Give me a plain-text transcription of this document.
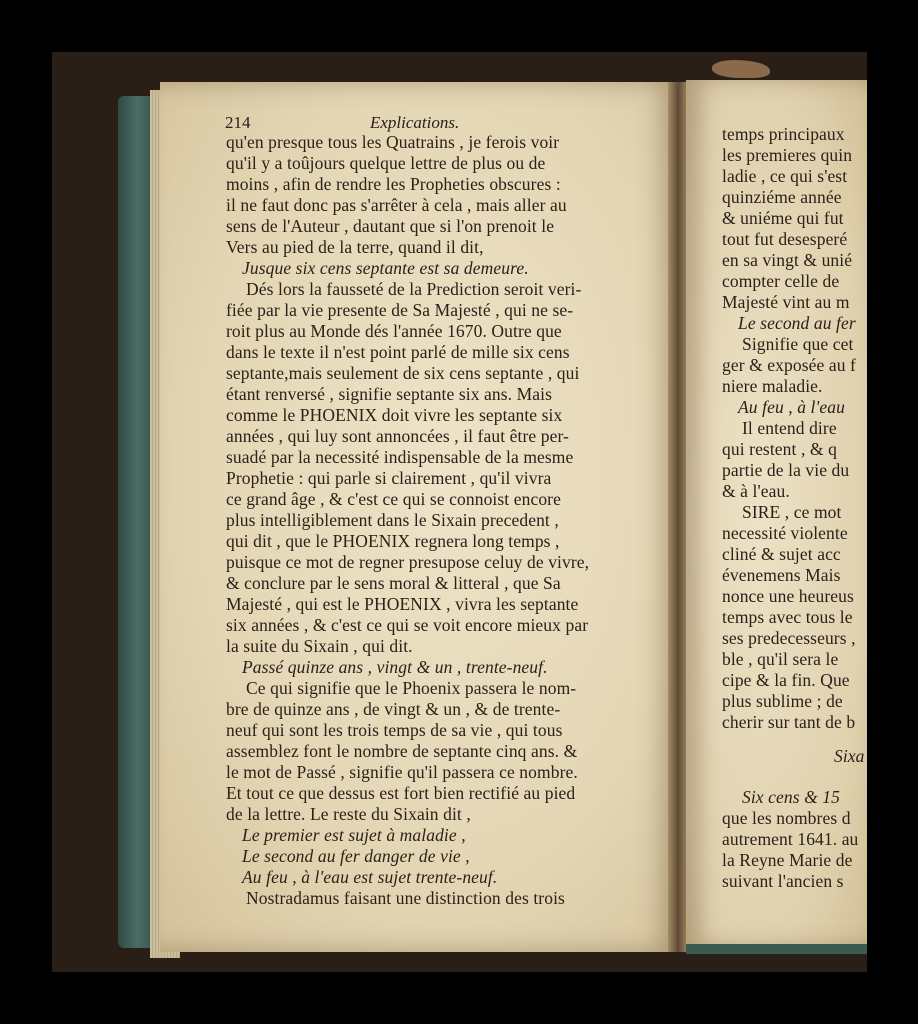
214	Explications.
qu'en presque tous les Quatrains , je ferois voir
qu'il y a toûjours quelque lettre de plus ou de
moins , afin de rendre les Propheties obscures :
il ne faut donc pas s'arrêter à cela , mais aller au
sens de l'Auteur , dautant que si l'on prenoit le
Vers au pied de la terre, quand il dit,
Jusque six cens septante est sa demeure.
Dés lors la fausseté de la Prediction seroit veri-
fiée par la vie presente de Sa Majesté , qui ne se-
roit plus au Monde dés l'année 1670. Outre que
dans le texte il n'est point parlé de mille six cens
septante,mais seulement de six cens septante , qui
étant renversé , signifie septante six ans. Mais
comme le PHOENIX doit vivre les septante six
années , qui luy sont annoncées , il faut être per-
suadé par la necessité indispensable de la mesme
Prophetie : qui parle si clairement , qu'il vivra
ce grand âge , & c'est ce qui se connoist encore
plus intelligiblement dans le Sixain precedent ,
qui dit , que le PHOENIX regnera long temps ,
puisque ce mot de regner presupose celuy de vivre,
& conclure par le sens moral & litteral , que Sa
Majesté , qui est le PHOENIX , vivra les septante
six années , & c'est ce qui se voit encore mieux par
la suite du Sixain , qui dit.
Passé quinze ans , vingt & un , trente-neuf.
Ce qui signifie que le Phoenix passera le nom-
bre de quinze ans , de vingt & un , & de trente-
neuf qui sont les trois temps de sa vie , qui tous
assemblez font le nombre de septante cinq ans. &
le mot de Passé , signifie qu'il passera ce nombre.
Et tout ce que dessus est fort bien rectifié au pied
de la lettre. Le reste du Sixain dit ,
Le premier est sujet à maladie ,
Le second au fer danger de vie ,
Au feu , à l'eau est sujet trente-neuf.
Nostradamus faisant une distinction des trois
temps principaux
les premieres quin
ladie , ce qui s'est
quinziéme année
& uniéme qui fut
tout fut desesperé
en sa vingt & unié
compter celle de
Majesté vint au m
Le second au fer
Signifie que cet
ger & exposée au f
niere maladie.
Au feu , à l'eau
Il entend dire
qui restent , & q
partie de la vie du
& à l'eau.
SIRE , ce mot
necessité violente
cliné & sujet acc
évenemens Mais
nonce une heureus
temps avec tous le
ses predecesseurs ,
ble , qu'il sera le
cipe & la fin. Que
plus sublime ; de
cherir sur tant de b
Sixa
Six cens & 15
que les nombres d
autrement 1641. au
la Reyne Marie de
suivant l'ancien s
